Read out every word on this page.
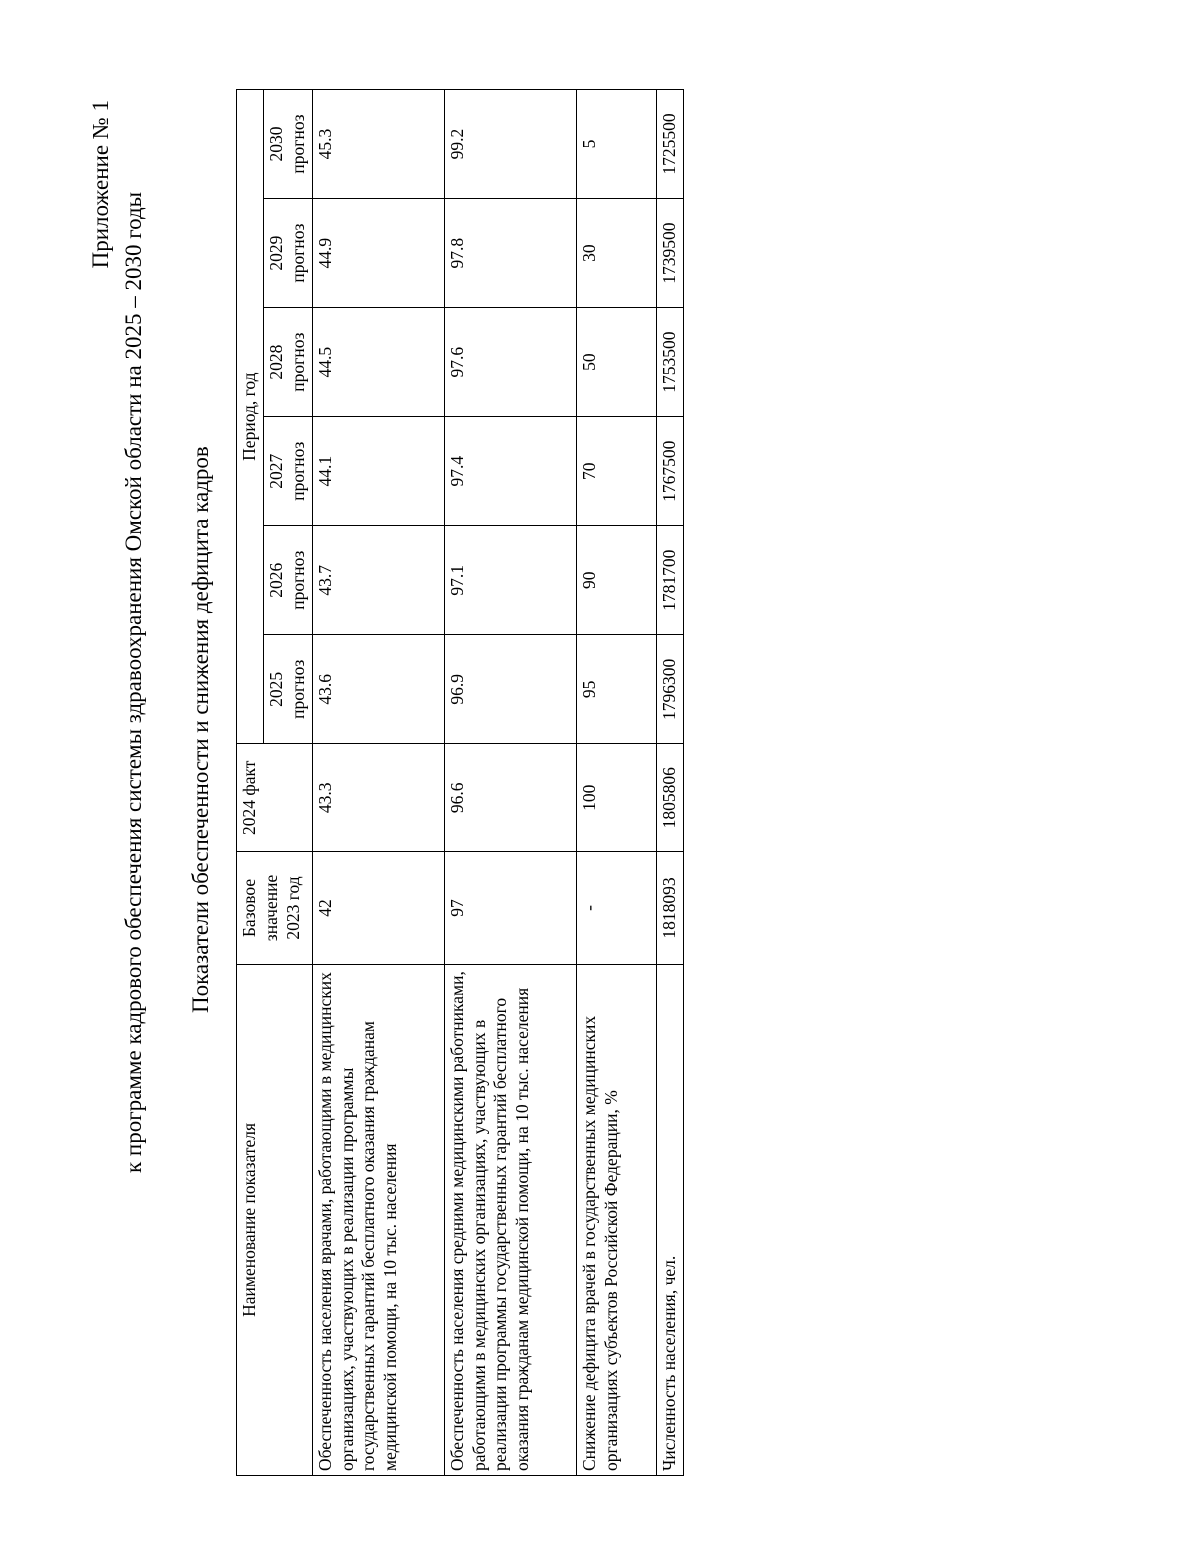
Приложение № 1
к программе кадрового обеспечения системы здравоохранения Омской области на 2025 – 2030 годы Показатели обеспеченности и снижения дефицита кадров
Наименование показателя	Базовое значение 2023 год	2024 факт	Период, год					
			2025 прогноз	2026 прогноз	2027 прогноз	2028 прогноз	2029 прогноз	2030 прогноз
Обеспеченность населения врачами, работающими в медицинских организациях, участвующих в реализации программы государственных гарантий бесплатного оказания гражданам медицинской помощи, на 10 тыс. населения	42	43.3	43.6	43.7	44.1	44.5	44.9	45.3
Обеспеченность населения средними медицинскими работниками, работающими в медицинских организациях, участвующих в реализации программы государственных гарантий бесплатного оказания гражданам медицинской помощи, на 10 тыс. населения	97	96.6	96.9	97.1	97.4	97.6	97.8	99.2
Снижение дефицита врачей в государственных медицинских организациях субъектов Российской Федерации, %	-	100	95	90	70	50	30	5
Численность населения, чел.	1818093	1805806	1796300	1781700	1767500	1753500	1739500	1725500
